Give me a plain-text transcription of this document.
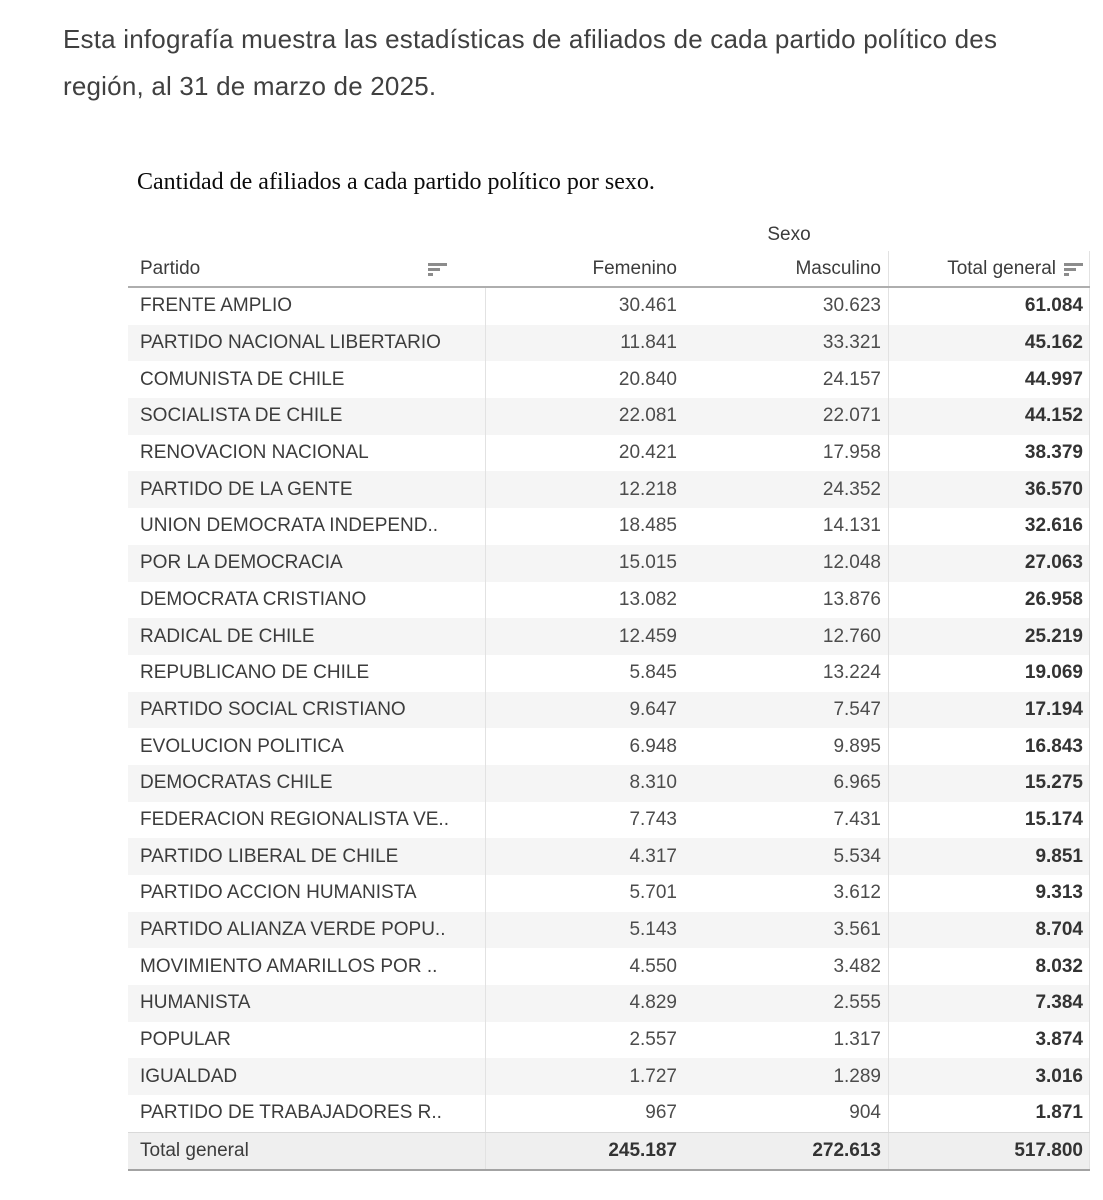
Esta infografía muestra las estadísticas de afiliados de cada partido político des
región, al 31 de marzo de 2025.
Cantidad de afiliados a cada partido político por sexo.
Sexo
Partido	Femenino	Masculino	Total general
FRENTE AMPLIO	30.461	30.623	61.084
PARTIDO NACIONAL LIBERTARIO	11.841	33.321	45.162
COMUNISTA DE CHILE	20.840	24.157	44.997
SOCIALISTA DE CHILE	22.081	22.071	44.152
RENOVACION NACIONAL	20.421	17.958	38.379
PARTIDO DE LA GENTE	12.218	24.352	36.570
UNION DEMOCRATA INDEPEND..	18.485	14.131	32.616
POR LA DEMOCRACIA	15.015	12.048	27.063
DEMOCRATA CRISTIANO	13.082	13.876	26.958
RADICAL DE CHILE	12.459	12.760	25.219
REPUBLICANO DE CHILE	5.845	13.224	19.069
PARTIDO SOCIAL CRISTIANO	9.647	7.547	17.194
EVOLUCION POLITICA	6.948	9.895	16.843
DEMOCRATAS CHILE	8.310	6.965	15.275
FEDERACION REGIONALISTA VE..	7.743	7.431	15.174
PARTIDO LIBERAL DE CHILE	4.317	5.534	9.851
PARTIDO ACCION HUMANISTA	5.701	3.612	9.313
PARTIDO ALIANZA VERDE POPU..	5.143	3.561	8.704
MOVIMIENTO AMARILLOS POR ..	4.550	3.482	8.032
HUMANISTA	4.829	2.555	7.384
POPULAR	2.557	1.317	3.874
IGUALDAD	1.727	1.289	3.016
PARTIDO DE TRABAJADORES R..	967	904	1.871
Total general	245.187	272.613	517.800
